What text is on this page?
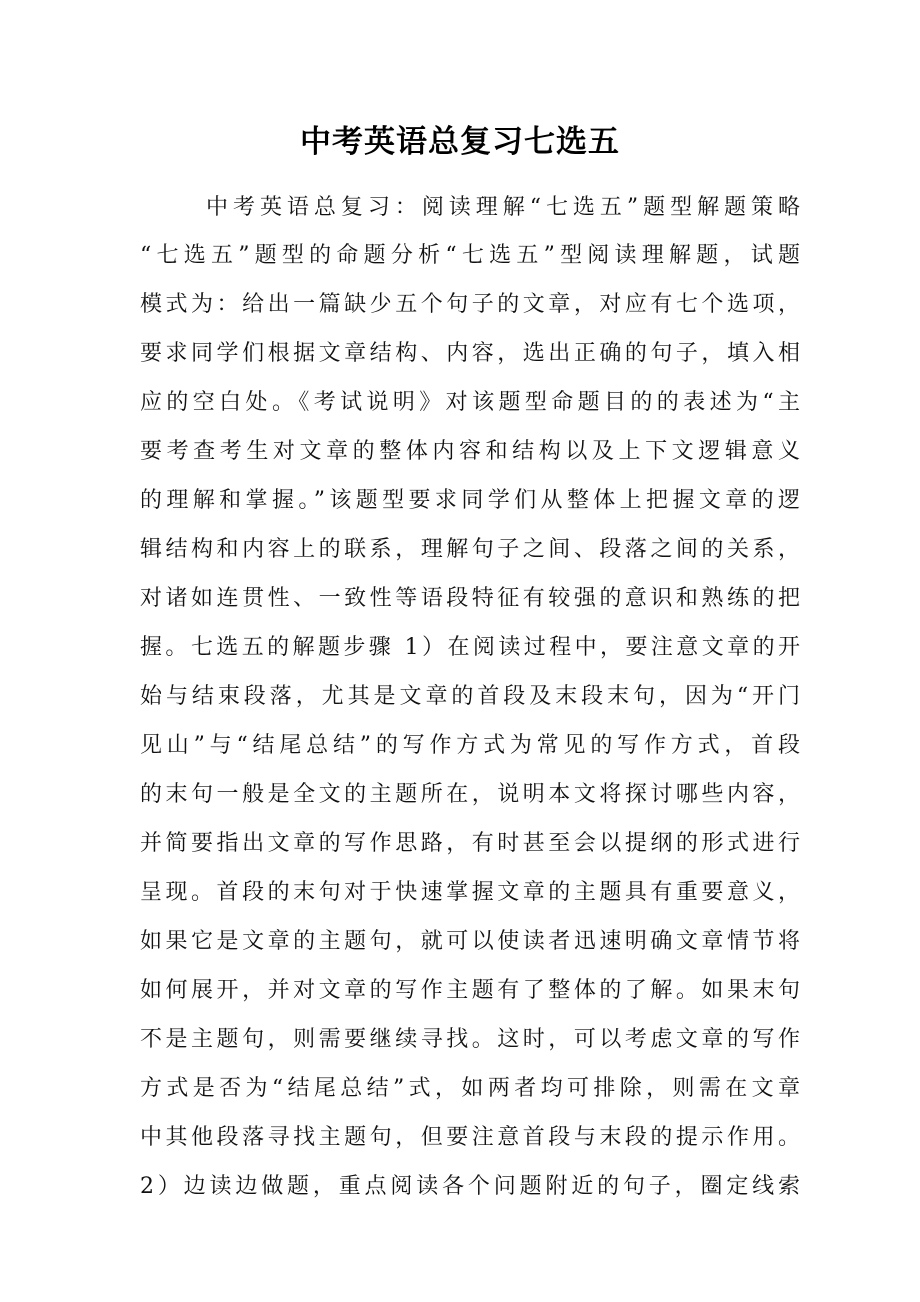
中考英语总复习七选五
中考英语总复习：阅读理解“七选五”题型解题策略
“七选五”题型的命题分析“七选五”型阅读理解题，试题
模式为：给出一篇缺少五个句子的文章，对应有七个选项，
要求同学们根据文章结构、内容，选出正确的句子，填入相
应的空白处。《考试说明》对该题型命题目的的表述为“主
要考查考生对文章的整体内容和结构以及上下文逻辑意义
的理解和掌握。”该题型要求同学们从整体上把握文章的逻
辑结构和内容上的联系，理解句子之间、段落之间的关系，
对诸如连贯性、一致性等语段特征有较强的意识和熟练的把
握。七选五的解题步骤 1）在阅读过程中，要注意文章的开
始与结束段落，尤其是文章的首段及末段末句，因为“开门
见山”与“结尾总结”的写作方式为常见的写作方式，首段
的末句一般是全文的主题所在，说明本文将探讨哪些内容，
并简要指出文章的写作思路，有时甚至会以提纲的形式进行
呈现。首段的末句对于快速掌握文章的主题具有重要意义，
如果它是文章的主题句，就可以使读者迅速明确文章情节将
如何展开，并对文章的写作主题有了整体的了解。如果末句
不是主题句，则需要继续寻找。这时，可以考虑文章的写作
方式是否为“结尾总结”式，如两者均可排除，则需在文章
中其他段落寻找主题句，但要注意首段与末段的提示作用。
2）边读边做题，重点阅读各个问题附近的句子，圈定线索
